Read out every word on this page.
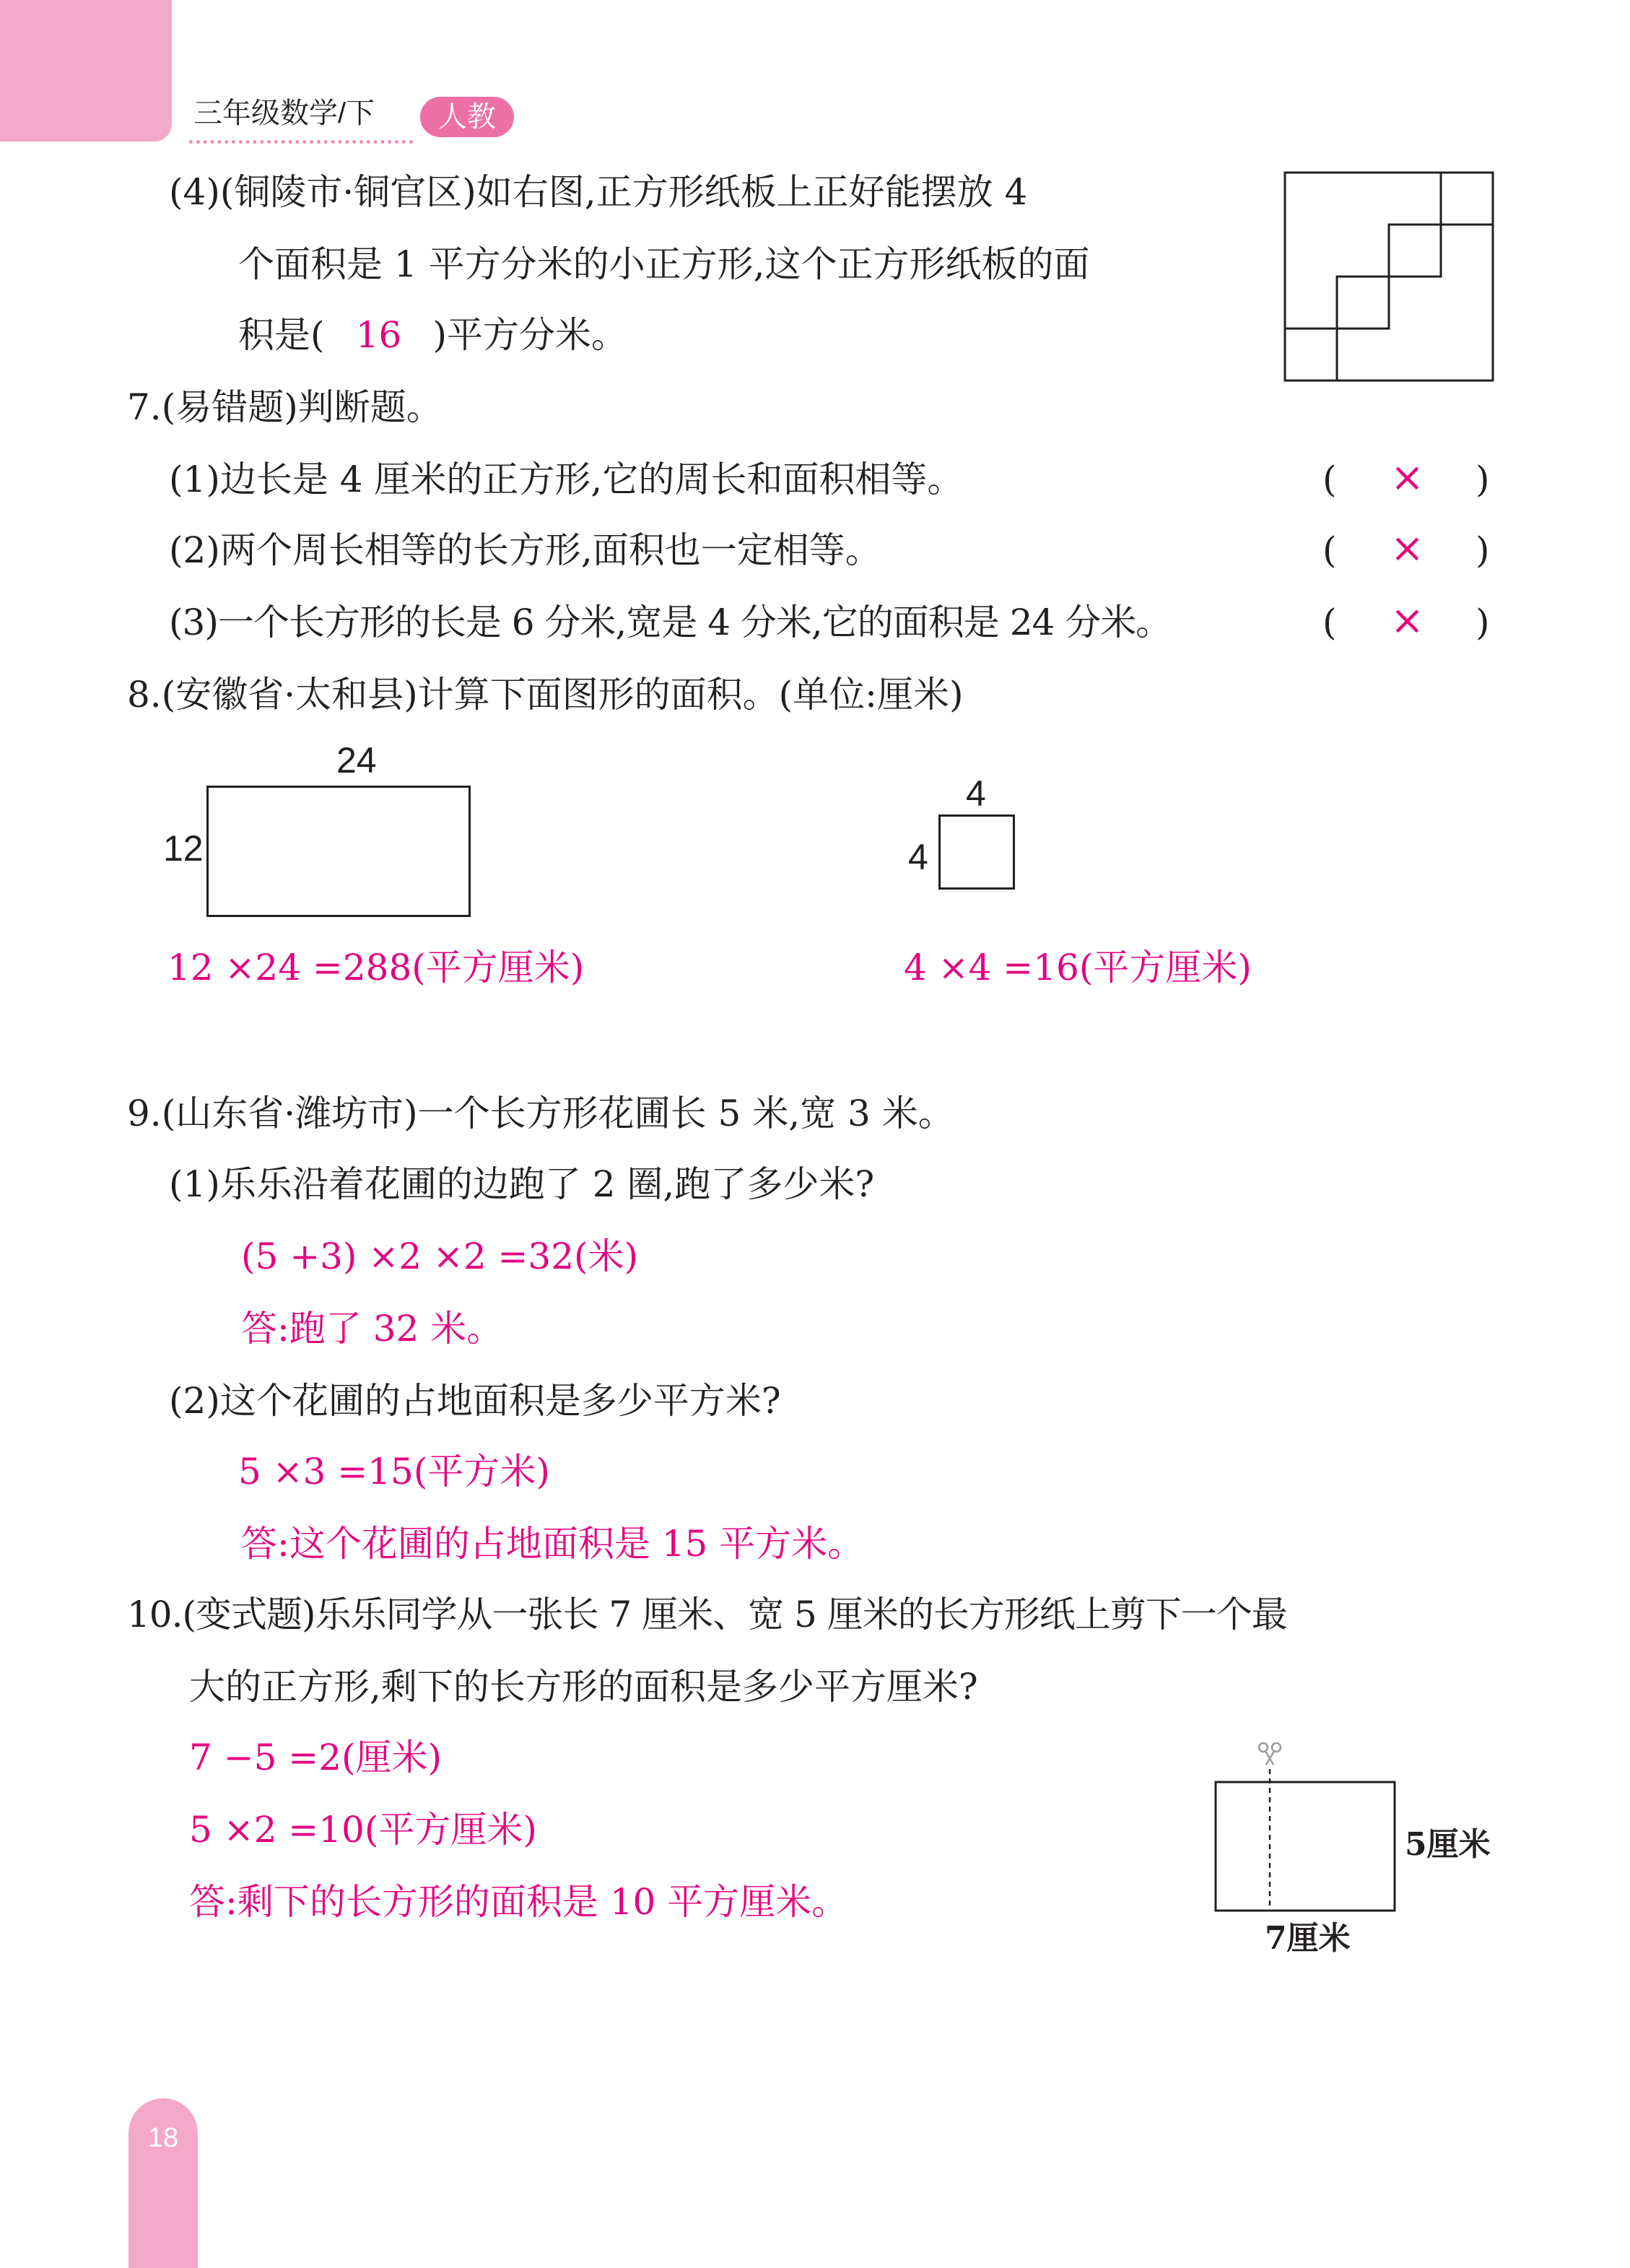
三年级数学/下	人教
(4)(铜陵市·铜官区)如右图,正方形纸板上正好能摆放 4
个面积是 1 平方分米的小正方形,这个正方形纸板的面
积是( 16 )平方分米。
7.(易错题)判断题。
(1)边长是 4 厘米的正方形,它的周长和面积相等。	( × )
(2)两个周长相等的长方形,面积也一定相等。	( × )
(3)一个长方形的长是 6 分米,宽是 4 分米,它的面积是 24 分米。	( × )
8.(安徽省·太和县)计算下面图形的面积。(单位:厘米)
24
12
12 ×24 =288(平方厘米)
4
4
4 ×4 =16(平方厘米)
9.(山东省·潍坊市)一个长方形花圃长 5 米,宽 3 米。
(1)乐乐沿着花圃的边跑了 2 圈,跑了多少米?
(5 +3) ×2 ×2 =32(米)
答:跑了 32 米。
(2)这个花圃的占地面积是多少平方米?
5 ×3 =15(平方米)
答:这个花圃的占地面积是 15 平方米。
10.(变式题)乐乐同学从一张长 7 厘米、宽 5 厘米的长方形纸上剪下一个最
大的正方形,剩下的长方形的面积是多少平方厘米?
7 −5 =2(厘米)
5 ×2 =10(平方厘米)
答:剩下的长方形的面积是 10 平方厘米。
5厘米
7厘米
18
